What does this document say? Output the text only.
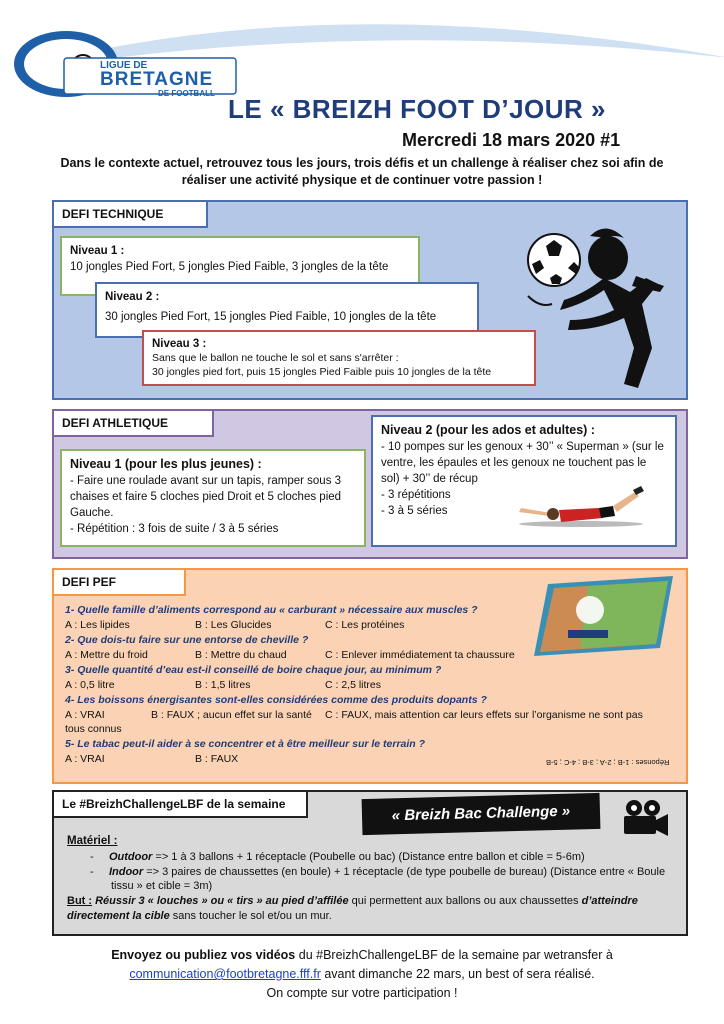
LIGUE DE
BRETAGNE
DE FOOTBALL
LE « BREIZH FOOT D’JOUR »
Mercredi 18 mars 2020 #1
Dans le contexte actuel, retrouvez tous les jours, trois défis et un challenge à réaliser chez soi afin de réaliser une activité physique et de continuer votre passion !
DEFI TECHNIQUE
Niveau 1 :
10 jongles Pied Fort, 5 jongles Pied Faible, 3 jongles de la tête
Niveau 2 :
30 jongles Pied Fort, 15 jongles Pied Faible, 10 jongles de la tête
Niveau 3 :
Sans que le ballon ne touche le sol et sans s'arrêter :
30 jongles pied fort, puis 15 jongles Pied Faible puis 10 jongles de la tête
DEFI ATHLETIQUE
Niveau 1 (pour les plus jeunes) :
- Faire une roulade avant sur un tapis, ramper sous 3 chaises et faire 5 cloches pied Droit et 5 cloches pied Gauche.
- Répétition : 3 fois de suite / 3 à 5 séries
Niveau 2 (pour les ados et adultes) :
- 10 pompes sur les genoux + 30’’ « Superman » (sur le ventre, les épaules et les genoux ne touchent pas le sol) + 30’’ de récup
- 3 répétitions
- 3 à 5 séries
DEFI PEF
1- Quelle famille d’aliments correspond au « carburant » nécessaire aux muscles ?
A : Les lipides	B : Les Glucides	C : Les protéines
2- Que dois-tu faire sur une entorse de cheville ?
A : Mettre du froid	B : Mettre du chaud	C : Enlever immédiatement ta chaussure
3- Quelle quantité d’eau est-il conseillé de boire chaque jour, au minimum ?
A : 0,5 litre	B : 1,5 litres	C : 2,5 litres
4- Les boissons énergisantes sont-elles considérées comme des produits dopants ?
A : VRAI	B : FAUX ; aucun effet sur la santé C : FAUX, mais attention car leurs effets sur l’organisme ne sont pas
tous connus
5- Le tabac peut-il aider à se concentrer et à être meilleur sur le terrain ?
A : VRAI	B : FAUX	Réponses : 1-B ; 2-A ; 3-B ; 4-C ; 5-B
Le #BreizhChallengeLBF de la semaine	« Breizh Bac Challenge »
Matériel :
-     Outdoor => 1 à 3 ballons + 1 réceptacle (Poubelle ou bac) (Distance entre ballon et cible = 5-6m)
-     Indoor => 3 paires de chaussettes (en boule) + 1 réceptacle (de type poubelle de bureau) (Distance entre « Boule
tissu » et cible = 3m)
But : Réussir 3 « louches » ou « tirs » au pied d’affilée qui permettent aux ballons ou aux chaussettes d’atteindre
directement la cible sans toucher le sol et/ou un mur.
Envoyez ou publiez vos vidéos du #BreizhChallengeLBF de la semaine par wetransfer à
communication@footbretagne.fff.fr avant dimanche 22 mars, un best of sera réalisé.
On compte sur votre participation !
